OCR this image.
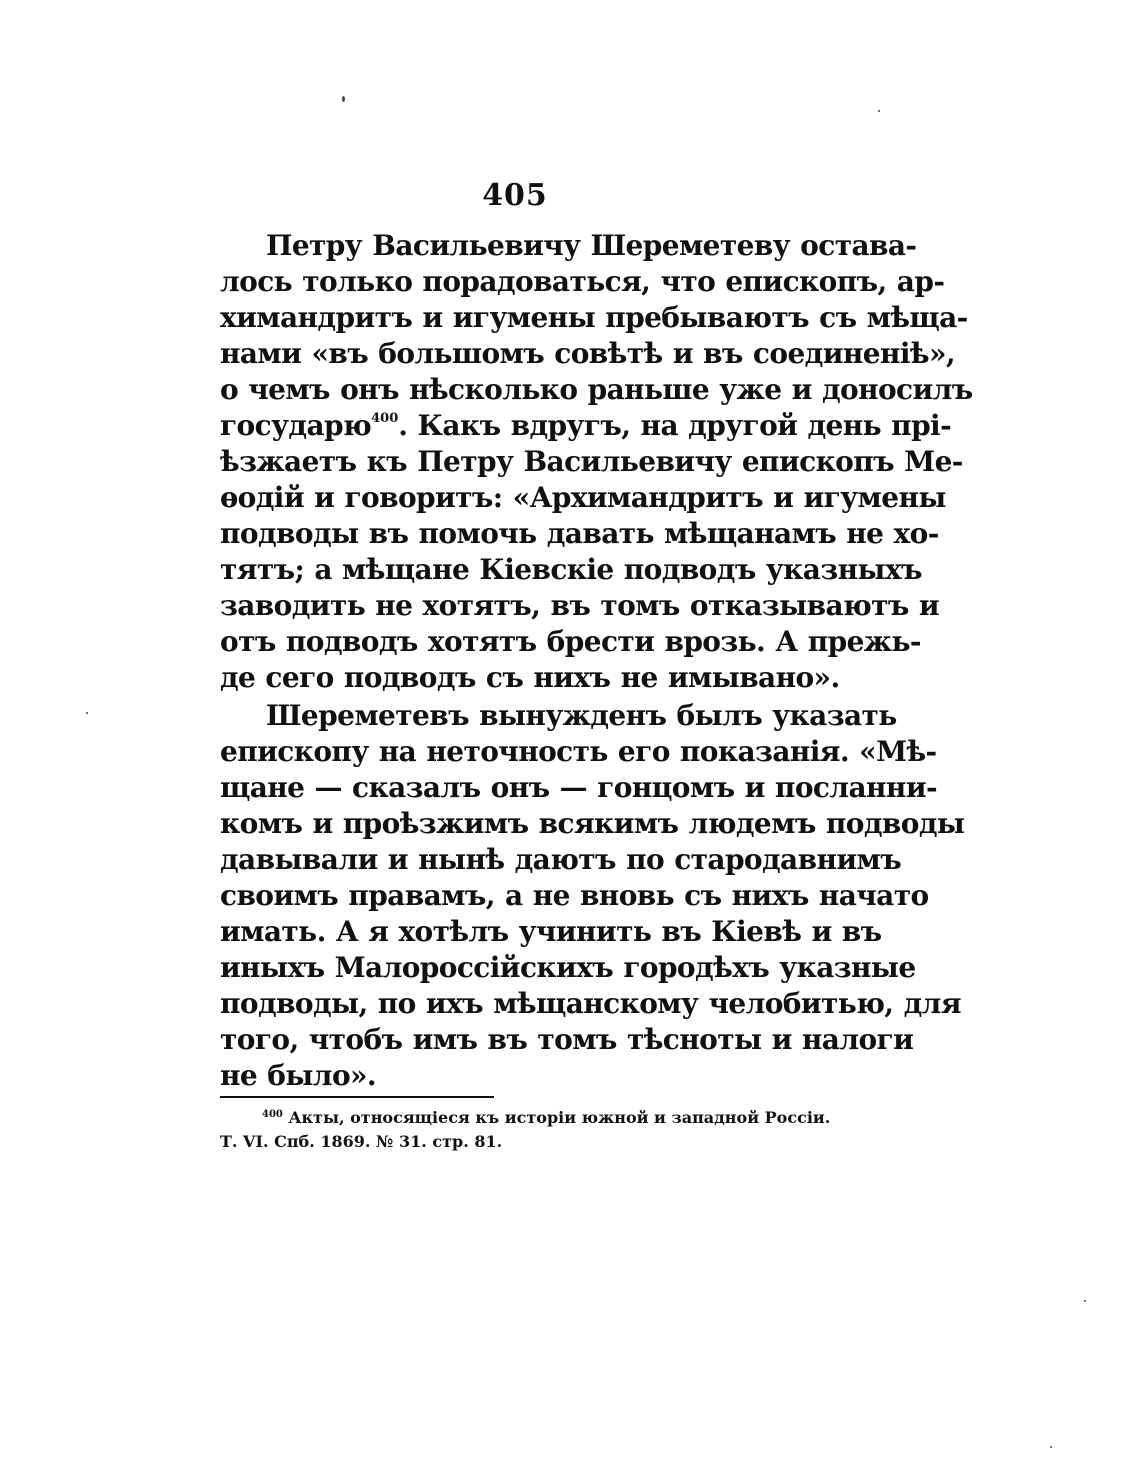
405
Петру Васильевичу Шереметеву остава-
лось только порадоваться, что епископъ, ар-
химандритъ и игумены пребываютъ съ мѣща-
нами «въ большомъ совѣтѣ и въ соединенiѣ»,
о чемъ онъ нѣсколько раньше уже и доносилъ
государю$^{400}$. Какъ вдругъ, на другой день прi-
ѣзжаетъ къ Петру Васильевичу епископъ Ме-
ѳодiй и говоритъ: «Архимандритъ и игумены
подводы въ помочь давать мѣщанамъ не хо-
тятъ; а мѣщане Кiевскiе подводъ указныхъ
заводить не хотятъ, въ томъ отказываютъ и
отъ подводъ хотятъ брести врозь. А прежь-
де сего подводъ съ нихъ не имывано».
Шереметевъ вынужденъ былъ указать
епископу на неточность его показанiя. «Мѣ-
щане — сказалъ онъ — гонцомъ и посланни-
комъ и проѣзжимъ всякимъ людемъ подводы
давывали и нынѣ даютъ по стародавнимъ
своимъ правамъ, а не вновь съ нихъ начато
имать. А я хотѣлъ учинить въ Кiевѣ и въ
иныхъ Малороссiйскихъ городѣхъ указные
подводы, по ихъ мѣщанскому челобитью, для
того, чтобъ имъ въ томъ тѣсноты и налоги
не было».
$^{400}$ Акты, относящiеся къ исторiи южной и западной Россiи.
Т. VI. Спб. 1869. № 31. стр. 81.
